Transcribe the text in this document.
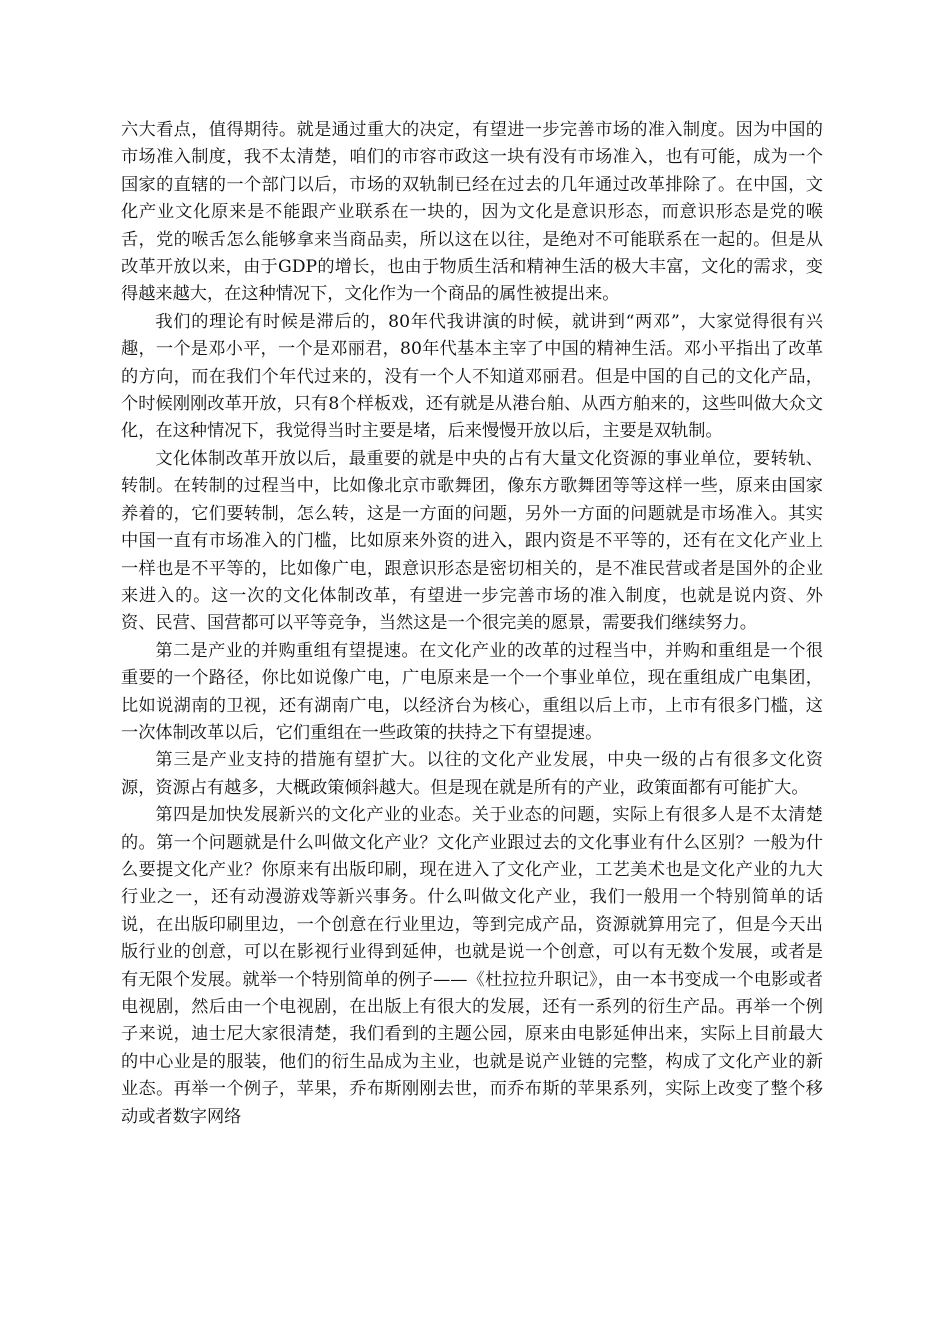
六大看点，值得期待。就是通过重大的决定，有望进一步完善市场的准入制度。因为中国的市场准入制度，我不太清楚，咱们的市容市政这一块有没有市场准入，也有可能，成为一个国家的直辖的一个部门以后，市场的双轨制已经在过去的几年通过改革排除了。在中国，文化产业文化原来是不能跟产业联系在一块的，因为文化是意识形态，而意识形态是党的喉舌，党的喉舌怎么能够拿来当商品卖，所以这在以往，是绝对不可能联系在一起的。但是从改革开放以来，由于GDP的增长，也由于物质生活和精神生活的极大丰富，文化的需求，变得越来越大，在这种情况下，文化作为一个商品的属性被提出来。

我们的理论有时候是滞后的，80年代我讲演的时候，就讲到“两邓”，大家觉得很有兴趣，一个是邓小平，一个是邓丽君，80年代基本主宰了中国的精神生活。邓小平指出了改革的方向，而在我们个年代过来的，没有一个人不知道邓丽君。但是中国的自己的文化产品，个时候刚刚改革开放，只有8个样板戏，还有就是从港台舶、从西方舶来的，这些叫做大众文化，在这种情况下，我觉得当时主要是堵，后来慢慢开放以后，主要是双轨制。

文化体制改革开放以后，最重要的就是中央的占有大量文化资源的事业单位，要转轨、转制。在转制的过程当中，比如像北京市歌舞团，像东方歌舞团等等这样一些，原来由国家养着的，它们要转制，怎么转，这是一方面的问题，另外一方面的问题就是市场准入。其实中国一直有市场准入的门槛，比如原来外资的进入，跟内资是不平等的，还有在文化产业上一样也是不平等的，比如像广电，跟意识形态是密切相关的，是不准民营或者是国外的企业来进入的。这一次的文化体制改革，有望进一步完善市场的准入制度，也就是说内资、外资、民营、国营都可以平等竞争，当然这是一个很完美的愿景，需要我们继续努力。

第二是产业的并购重组有望提速。在文化产业的改革的过程当中，并购和重组是一个很重要的一个路径，你比如说像广电，广电原来是一个一个事业单位，现在重组成广电集团，比如说湖南的卫视，还有湖南广电，以经济台为核心，重组以后上市，上市有很多门槛，这一次体制改革以后，它们重组在一些政策的扶持之下有望提速。

第三是产业支持的措施有望扩大。以往的文化产业发展，中央一级的占有很多文化资源，资源占有越多，大概政策倾斜越大。但是现在就是所有的产业，政策面都有可能扩大。

第四是加快发展新兴的文化产业的业态。关于业态的问题，实际上有很多人是不太清楚的。第一个问题就是什么叫做文化产业？文化产业跟过去的文化事业有什么区别？一般为什么要提文化产业？你原来有出版印刷，现在进入了文化产业，工艺美术也是文化产业的九大行业之一，还有动漫游戏等新兴事务。什么叫做文化产业，我们一般用一个特别简单的话说，在出版印刷里边，一个创意在行业里边，等到完成产品，资源就算用完了，但是今天出版行业的创意，可以在影视行业得到延伸，也就是说一个创意，可以有无数个发展，或者是有无限个发展。就举一个特别简单的例子——《杜拉拉升职记》，由一本书变成一个电影或者电视剧，然后由一个电视剧，在出版上有很大的发展，还有一系列的衍生产品。再举一个例子来说，迪士尼大家很清楚，我们看到的主题公园，原来由电影延伸出来，实际上目前最大的中心业是的服装，他们的衍生品成为主业，也就是说产业链的完整，构成了文化产业的新业态。再举一个例子，苹果，乔布斯刚刚去世，而乔布斯的苹果系列，实际上改变了整个移动或者数字网络
